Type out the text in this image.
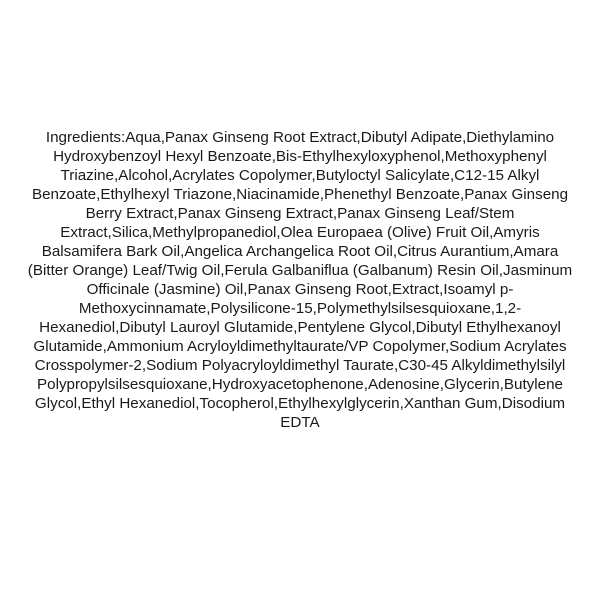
Ingredients:Aqua,Panax Ginseng Root Extract,Dibutyl Adipate,Diethylamino Hydroxybenzoyl Hexyl Benzoate,Bis-Ethylhexyloxyphenol,Methoxyphenyl Triazine,Alcohol,Acrylates Copolymer,Butyloctyl Salicylate,C12-15 Alkyl Benzoate,Ethylhexyl Triazone,Niacinamide,Phenethyl Benzoate,Panax Ginseng Berry Extract,Panax Ginseng Extract,Panax Ginseng Leaf/Stem Extract,Silica,Methylpropanediol,Olea Europaea (Olive) Fruit Oil,Amyris Balsamifera Bark Oil,Angelica Archangelica Root Oil,Citrus Aurantium,Amara (Bitter Orange) Leaf/Twig Oil,Ferula Galbaniflua (Galbanum) Resin Oil,Jasminum Officinale (Jasmine) Oil,Panax Ginseng Root,Extract,Isoamyl p-Methoxycinnamate,Polysilicone-15,Polymethylsilsesquioxane,1,2-Hexanediol,Dibutyl Lauroyl Glutamide,Pentylene Glycol,Dibutyl Ethylhexanoyl Glutamide,Ammonium Acryloyldimethyltaurate/VP Copolymer,Sodium Acrylates Crosspolymer-2,Sodium Polyacryloyldimethyl Taurate,C30-45 Alkyldimethylsilyl Polypropylsilsesquioxane,Hydroxyacetophenone,Adenosine,Glycerin,Butylene Glycol,Ethyl Hexanediol,Tocopherol,Ethylhexylglycerin,Xanthan Gum,Disodium EDTA
